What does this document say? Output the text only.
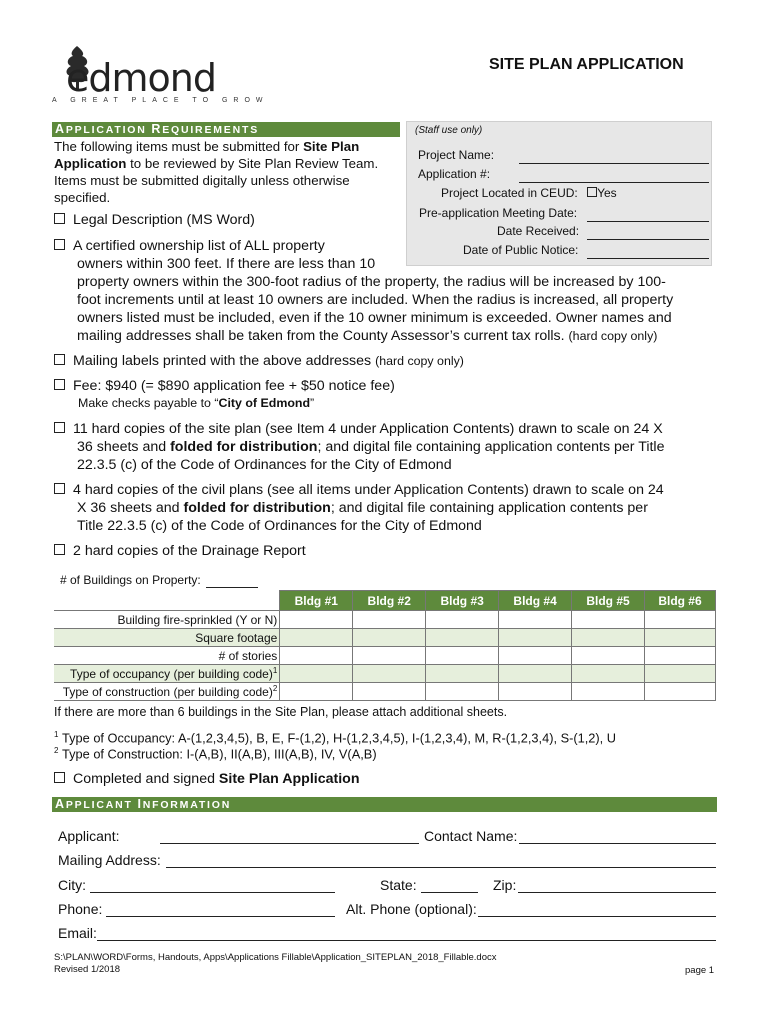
edmond
A GREAT PLACE TO GROW
SITE PLAN APPLICATION
APPLICATION REQUIREMENTS
The following items must be submitted for Site Plan
Application to be reviewed by Site Plan Review Team.
Items must be submitted digitally unless otherwise
specified.
(Staff use only)
Project Name:
Application #:
Project Located in CEUD: Yes
Pre-application Meeting Date:
Date Received:
Date of Public Notice:
Legal Description (MS Word)
A certified ownership list of ALL property

owners within 300 feet. If there are less than 10
property owners within the 300-foot radius of the property, the radius will be increased by 100-
foot increments until at least 10 owners are included. When the radius is increased, all property
owners listed must be included, even if the 10 owner minimum is exceeded. Owner names and
mailing addresses shall be taken from the County Assessor’s current tax rolls. (hard copy only)
Mailing labels printed with the above addresses (hard copy only)
Fee: $940 (= $890 application fee + $50 notice fee)
Make checks payable to “City of Edmond”
11 hard copies of the site plan (see Item 4 under Application Contents) drawn to scale on 24 X

36 sheets and folded for distribution; and digital file containing application contents per Title
22.3.5 (c) of the Code of Ordinances for the City of Edmond
4 hard copies of the civil plans (see all items under Application Contents) drawn to scale on 24

X 36 sheets and folded for distribution; and digital file containing application contents per
Title 22.3.5 (c) of the Code of Ordinances for the City of Edmond
2 hard copies of the Drainage Report
# of Buildings on Property:
	Bldg #1	Bldg #2	Bldg #3	Bldg #4	Bldg #5	Bldg #6
Building fire-sprinkled (Y or N)						
Square footage						
# of stories						
Type of occupancy (per building code)$^1$						
Type of construction (per building code)$^2$						
If there are more than 6 buildings in the Site Plan, please attach additional sheets.
$^1$ Type of Occupancy: A-(1,2,3,4,5), B, E, F-(1,2), H-(1,2,3,4,5), I-(1,2,3,4), M, R-(1,2,3,4), S-(1,2), U
$^2$ Type of Construction: I-(A,B), II(A,B), III(A,B), IV, V(A,B)
Completed and signed Site Plan Application
APPLICANT INFORMATION
Applicant:	Contact Name:
Mailing Address:
City:	State:	Zip:
Phone:	Alt. Phone (optional):
Email:
S:\PLAN\WORD\Forms, Handouts, Apps\Applications Fillable\Application_SITEPLAN_2018_Fillable.docx
Revised 1/2018	page 1
